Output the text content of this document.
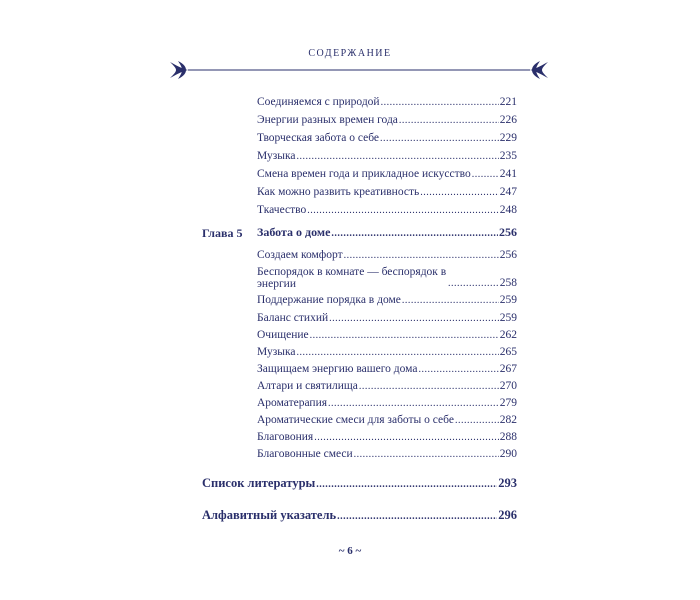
СОДЕРЖАНИЕ
Соединяемся с природой .....	221
Энергии разных времен года .....	226
Творческая забота о себе .....	229
Музыка .....	235
Смена времен года и прикладное искусство .....	241
Как можно развить креативность .....	247
Ткачество .....	248
Глава 5 Забота о доме .....	256
Создаем комфорт .....	256
Беспорядок в комнате — беспорядок в энергии .....	258
Поддержание порядка в доме .....	259
Баланс стихий .....	259
Очищение .....	262
Музыка .....	265
Защищаем энергию вашего дома .....	267
Алтари и святилища .....	270
Ароматерапия .....	279
Ароматические смеси для заботы о себе .....	282
Благовония .....	288
Благовонные смеси .....	290
Список литературы .....	293
Алфавитный указатель .....	296
~ 6 ~
